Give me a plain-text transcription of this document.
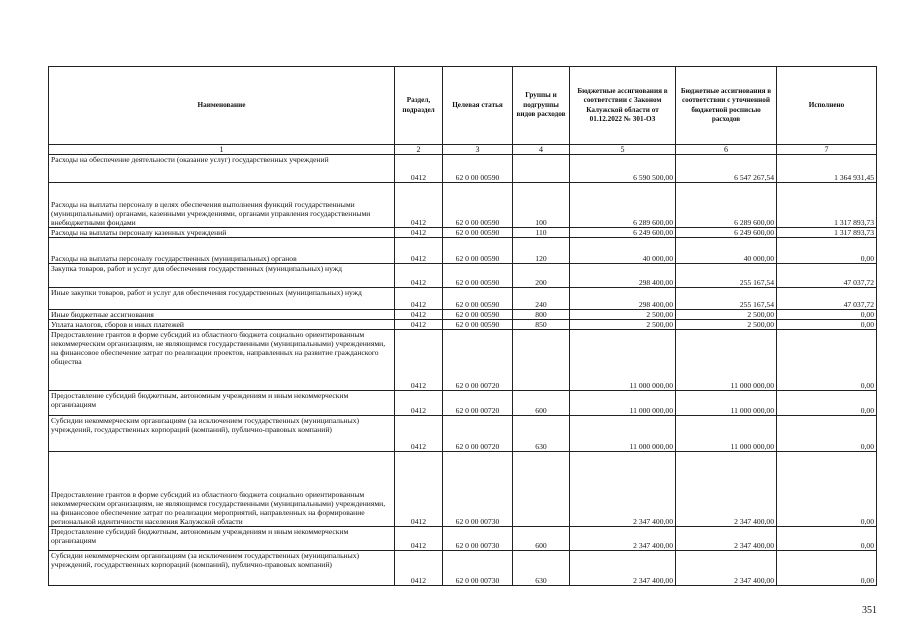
Наименование	Раздел, подраздел	Целевая статья	Группы и подгруппы видов расходов	Бюджетные ассигнования в соответствии с Законом Калужской области от 01.12.2022 № 301-ОЗ	Бюджетные ассигнования в соответствии с уточненной бюджетной росписью расходов	Исполнено
1	2	3	4	5	6	7
Расходы на обеспечение деятельности (оказание услуг) государственных учреждений	0412	62 0 00 00590		6 590 500,00	6 547 267,54	1 364 931,45
Расходы на выплаты персоналу в целях обеспечения выполнения функций государственными (муниципальными) органами, казенными учреждениями, органами управления государственными внебюджетными фондами	0412	62 0 00 00590	100	6 289 600,00	6 289 600,00	1 317 893,73
Расходы на выплаты персоналу казенных учреждений	0412	62 0 00 00590	110	6 249 600,00	6 249 600,00	1 317 893,73
Расходы на выплаты персоналу государственных (муниципальных) органов	0412	62 0 00 00590	120	40 000,00	40 000,00	0,00
Закупка товаров, работ и услуг для обеспечения государственных (муниципальных) нужд	0412	62 0 00 00590	200	298 400,00	255 167,54	47 037,72
Иные закупки товаров, работ и услуг для обеспечения государственных (муниципальных) нужд	0412	62 0 00 00590	240	298 400,00	255 167,54	47 037,72
Иные бюджетные ассигнования	0412	62 0 00 00590	800	2 500,00	2 500,00	0,00
Уплата налогов, сборов и иных платежей	0412	62 0 00 00590	850	2 500,00	2 500,00	0,00
Предоставление грантов в форме субсидий из областного бюджета социально ориентированным некоммерческим организациям, не являющимся государственными (муниципальными) учреждениями, на финансовое обеспечение затрат по реализации проектов, направленных на развитие гражданского общества	0412	62 0 00 00720		11 000 000,00	11 000 000,00	0,00
Предоставление субсидий бюджетным, автономным учреждениям и иным некоммерческим организациям	0412	62 0 00 00720	600	11 000 000,00	11 000 000,00	0,00
Субсидии некоммерческим организациям (за исключением государственных (муниципальных) учреждений, государственных корпораций (компаний), публично-правовых компаний)	0412	62 0 00 00720	630	11 000 000,00	11 000 000,00	0,00
Предоставление грантов в форме субсидий из областного бюджета социально ориентированным некоммерческим организациям, не являющимся государственными (муниципальными) учреждениями, на финансовое обеспечение затрат по реализации мероприятий, направленных на формирование региональной идентичности населения Калужской области	0412	62 0 00 00730		2 347 400,00	2 347 400,00	0,00
Предоставление субсидий бюджетным, автономным учреждениям и иным некоммерческим организациям	0412	62 0 00 00730	600	2 347 400,00	2 347 400,00	0,00
Субсидии некоммерческим организациям (за исключением государственных (муниципальных) учреждений, государственных корпораций (компаний), публично-правовых компаний)	0412	62 0 00 00730	630	2 347 400,00	2 347 400,00	0,00
351
